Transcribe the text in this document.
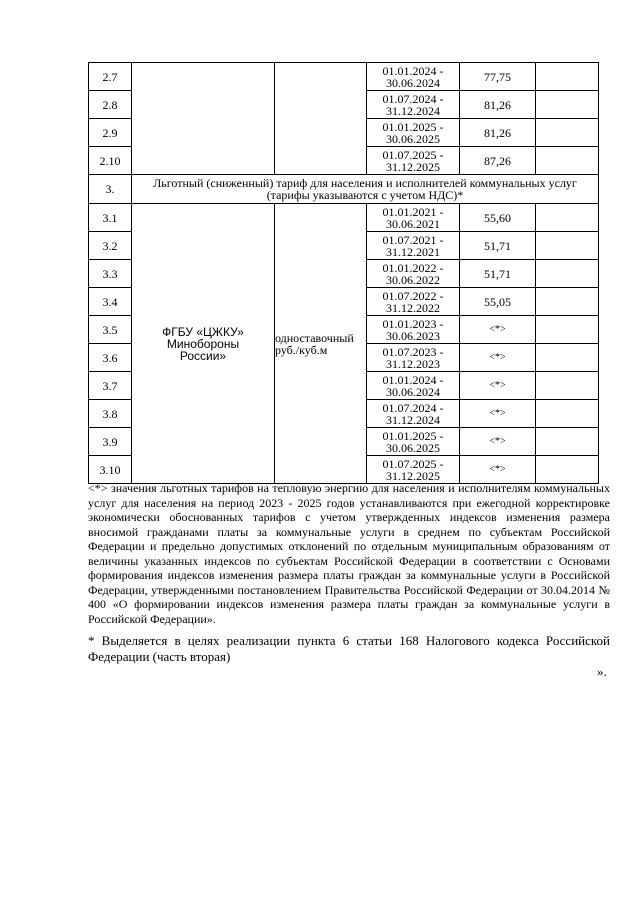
2.7			01.01.2024 -
30.06.2024	77,75	
2.8			01.07.2024 -
31.12.2024	81,26	
2.9			01.01.2025 -
30.06.2025	81,26	
2.10			01.07.2025 -
31.12.2025	87,26	
3.	Льготный (сниженный) тариф для населения и исполнителей коммунальных услуг
(тарифы указываются с учетом НДС)*				

3.1	ФГБУ «ЦЖКУ»
Минобороны
России»	одноставочный
руб./куб.м	01.01.2021 -
30.06.2021	55,60	
3.2			01.07.2021 -
31.12.2021	51,71	
3.3			01.01.2022 -
30.06.2022	51,71	
3.4			01.07.2022 -
31.12.2022	55,05	
3.5			01.01.2023 -
30.06.2023	<*>	
3.6			01.07.2023 -
31.12.2023	<*>	
3.7			01.01.2024 -
30.06.2024	<*>	
3.8			01.07.2024 -
31.12.2024	<*>	
3.9			01.01.2025 -
30.06.2025	<*>	
3.10			01.07.2025 -
31.12.2025	<*>	

<*> значения льготных тарифов на тепловую энергию для населения и исполнителям коммунальных услуг для населения на период 2023 - 2025 годов устанавливаются при ежегодной корректировке экономически обоснованных тарифов с учетом утвержденных индексов изменения размера вносимой гражданами платы за коммунальные услуги в среднем по субъектам Российской Федерации и предельно допустимых отклонений по отдельным муниципальным образованиям от величины указанных индексов по субъектам Российской Федерации в соответствии с Основами формирования индексов изменения размера платы граждан за коммунальные услуги в Российской Федерации, утвержденными постановлением Правительства Российской Федерации от 30.04.2014 № 400 «О формировании индексов изменения размера платы граждан за коммунальные услуги в Российской Федерации».

* Выделяется в целях реализации пункта 6 статьи 168 Налогового кодекса Российской Федерации (часть вторая)

».
